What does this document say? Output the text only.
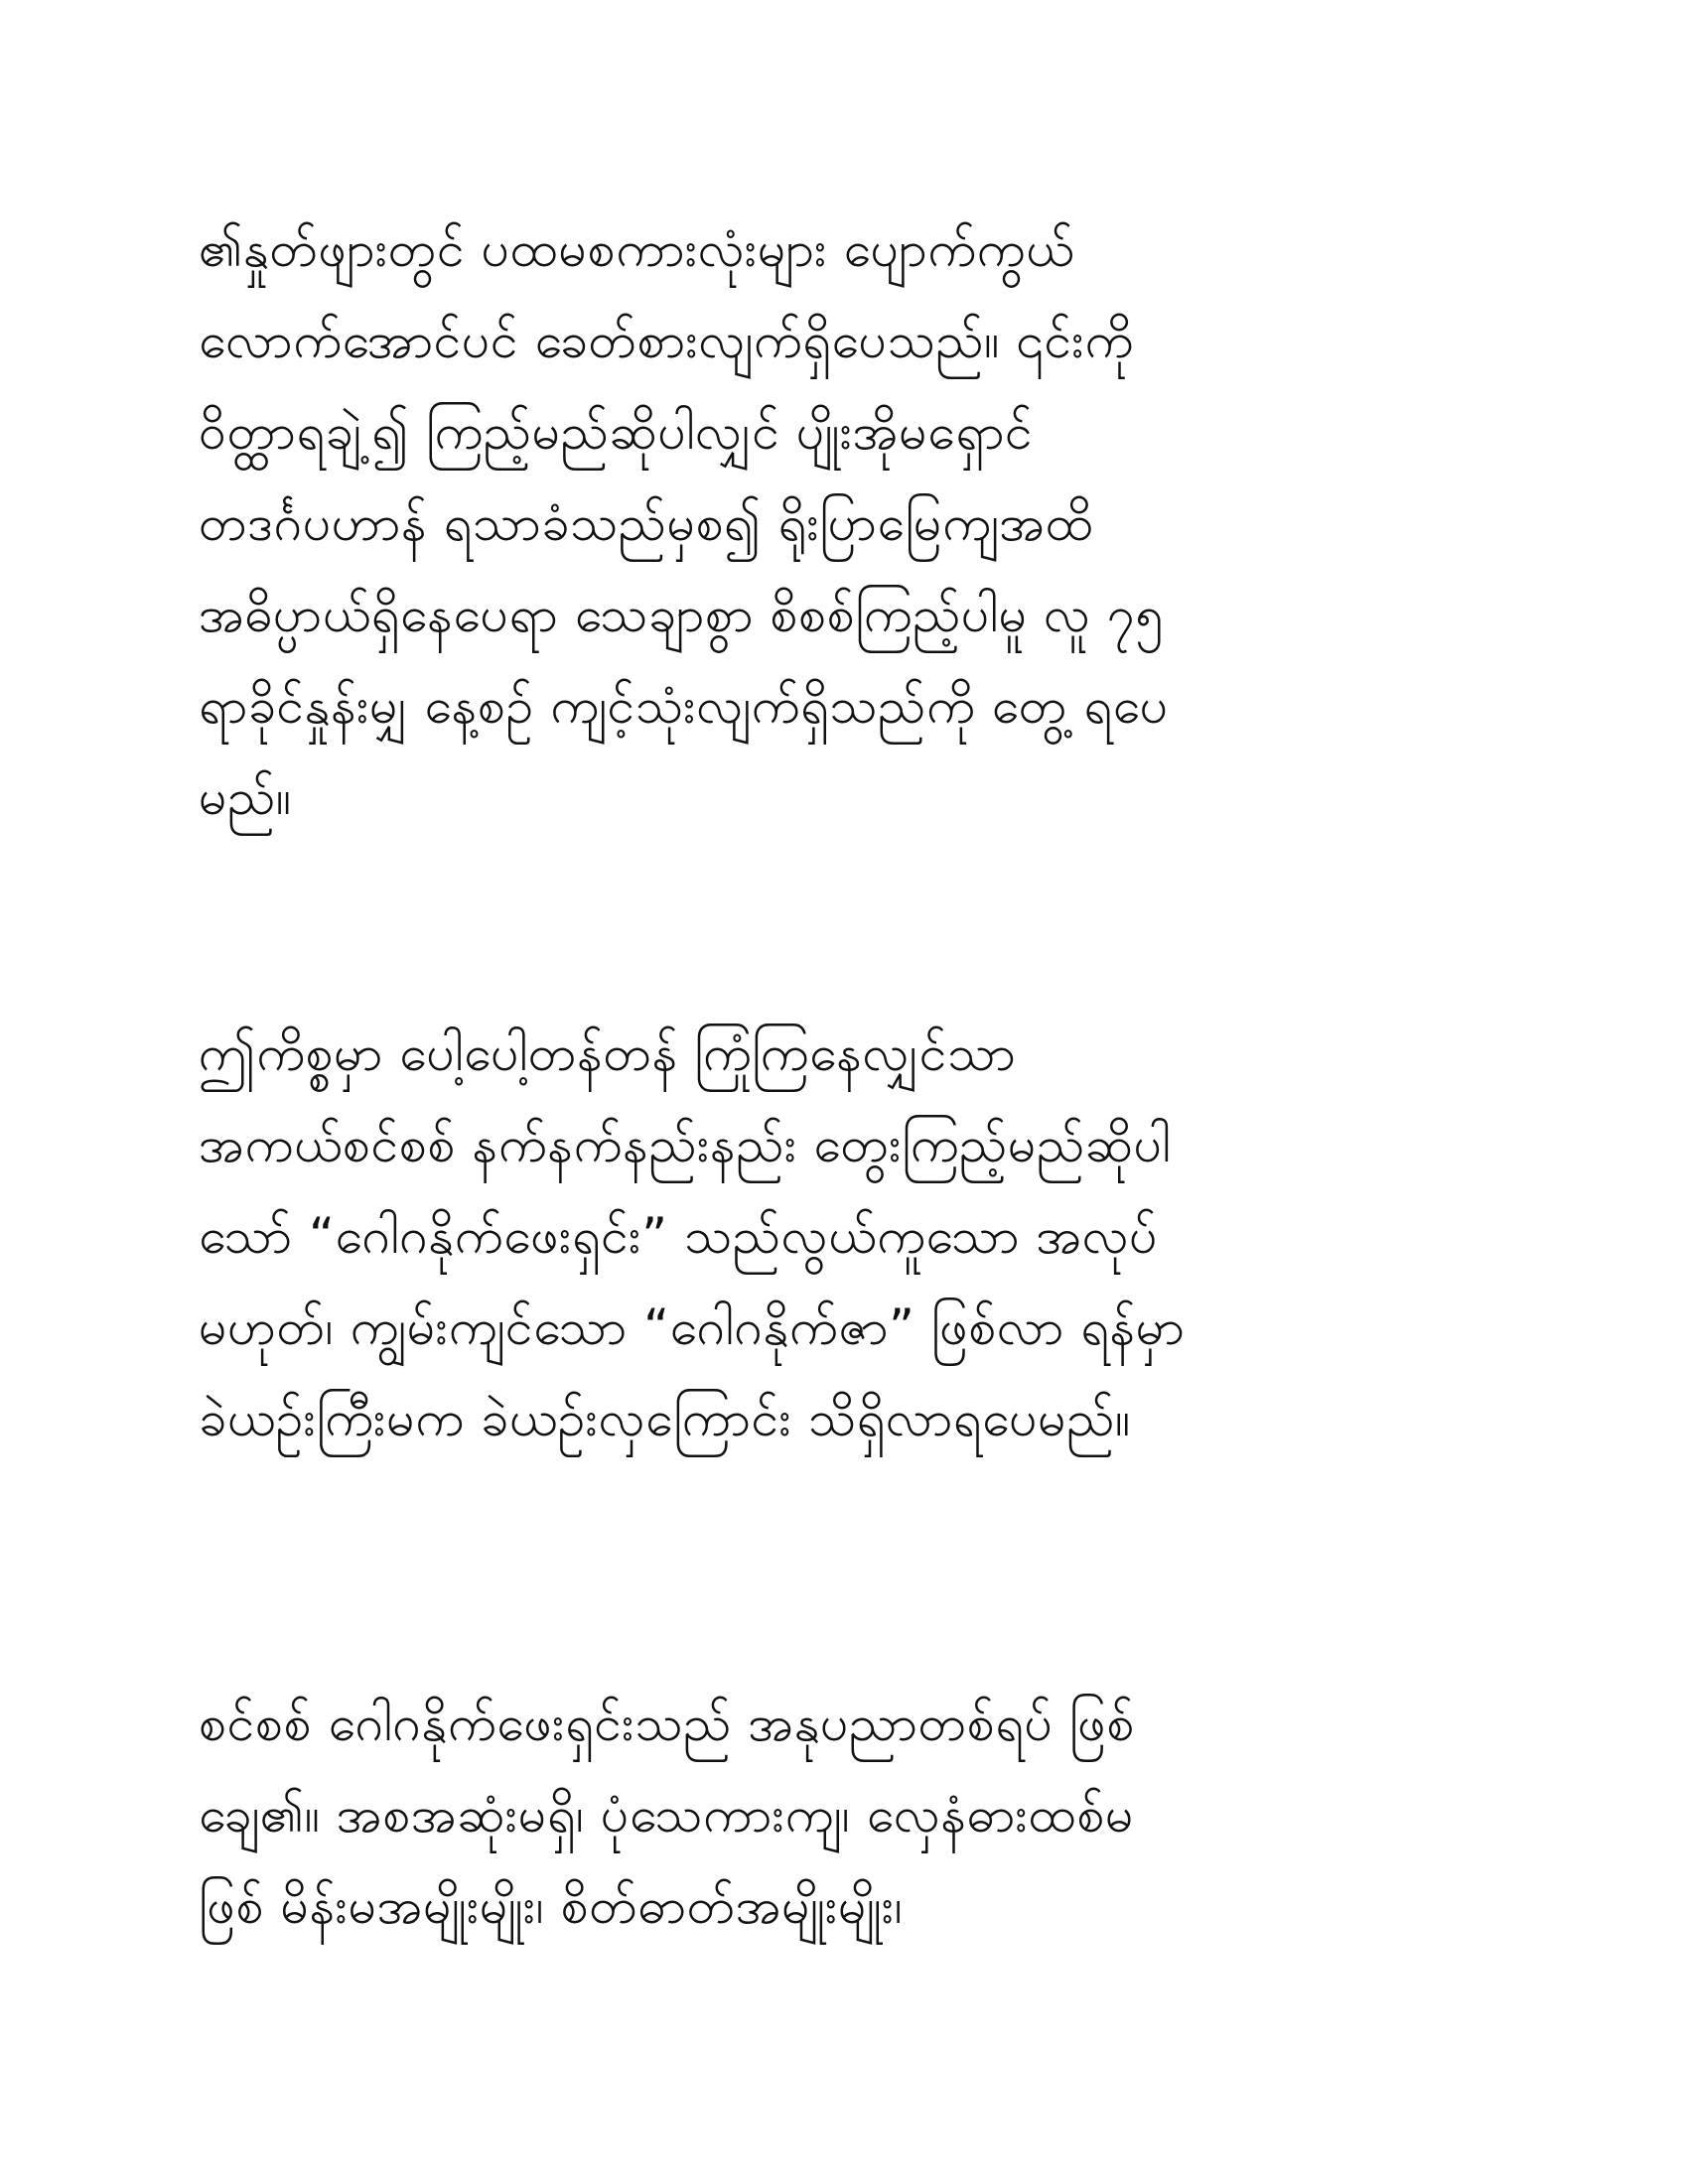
၏နှုတ်ဖျားတွင် ပထမစကားလုံးများ ပျောက်ကွယ်
လောက်အောင်ပင် ခေတ်စားလျက်ရှိပေသည်။ ၎င်းကို
ဝိတ္ထာရချဲ့၍ ကြည့်မည်ဆိုပါလျှင် ပျိုးအိုမရှောင်
တဒင်္ဂပဟာန် ရသာခံသည်မှစ၍ ရိုးပြာမြေကျအထိ
အဓိပ္ပာယ်ရှိနေပေရာ သေချာစွာ စိစစ်ကြည့်ပါမူ လူ ၇၅
ရာခိုင်နှုန်းမျှ နေ့စဉ် ကျင့်သုံးလျက်ရှိသည်ကို တွေ့ ရပေ
မည်။
ဤကိစ္စမှာ ပေါ့ပေါ့တန်တန် ကြုံကြနေလျှင်သာ
အကယ်စင်စစ် နက်နက်နည်းနည်း တွေးကြည့်မည်ဆိုပါ
သော် “ဂေါဂနိုက်ဖေးရှင်း” သည်လွယ်ကူသော အလုပ်
မဟုတ်၊ ကျွမ်းကျင်သော “ဂေါဂနိုက်ဇာ” ဖြစ်လာ ရန်မှာ
ခဲယဉ်းကြီးမက ခဲယဉ်းလှကြောင်း သိရှိလာရပေမည်။
စင်စစ် ဂေါဂနိုက်ဖေးရှင်းသည် အနုပညာတစ်ရပ် ဖြစ်
ချေ၏။ အစအဆုံးမရှိ၊ ပုံသေကားကျ၊ လှေနံဓားထစ်မ
ဖြစ် မိန်းမအမျိုးမျိုး၊ စိတ်ဓာတ်အမျိုးမျိုး၊
